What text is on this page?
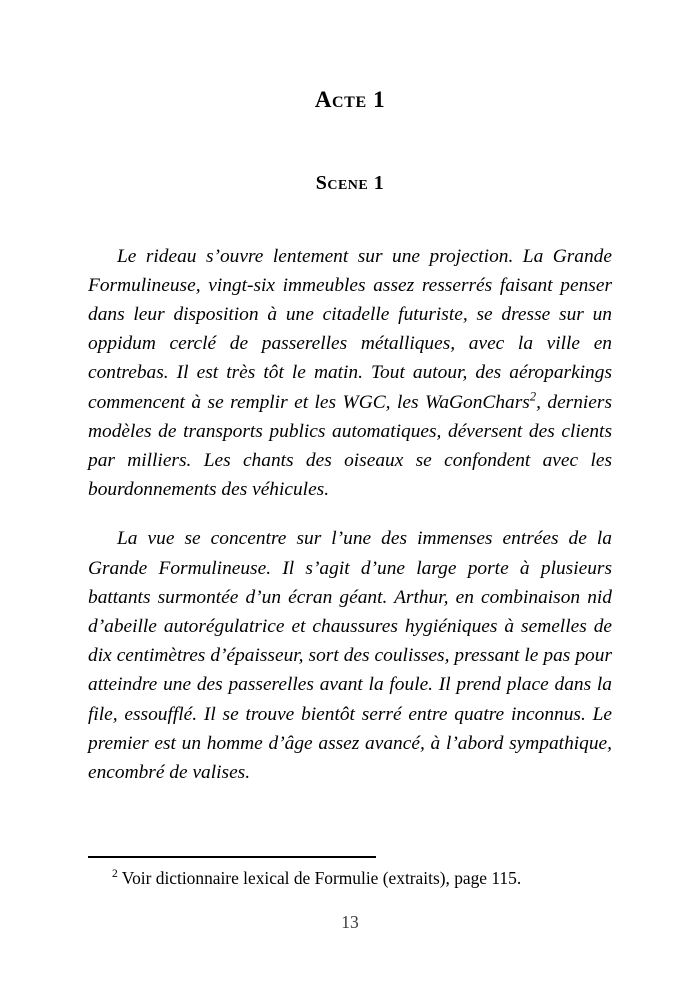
Acte 1
Scene 1

Le rideau s’ouvre lentement sur une projection. La Grande Formulineuse, vingt-six immeubles assez resserrés faisant penser dans leur disposition à une citadelle futuriste, se dresse sur un oppidum cerclé de passerelles métalliques, avec la ville en contrebas. Il est très tôt le matin. Tout autour, des aéroparkings commencent à se remplir et les WGC, les WaGonChars$^2$, derniers modèles de transports publics automatiques, déversent des clients par milliers. Les chants des oiseaux se confondent avec les bourdonnements des véhicules.

La vue se concentre sur l’une des immenses entrées de la Grande Formulineuse. Il s’agit d’une large porte à plusieurs battants surmontée d’un écran géant. Arthur, en combinaison nid d’abeille autorégulatrice et chaussures hygiéniques à semelles de dix centimètres d’épaisseur, sort des coulisses, pressant le pas pour atteindre une des passerelles avant la foule. Il prend place dans la file, essoufflé. Il se trouve bientôt serré entre quatre inconnus. Le premier est un homme d’âge assez avancé, à l’abord sympathique, encombré de valises.

$^2$ Voir dictionnaire lexical de Formulie (extraits), page 115.

13
